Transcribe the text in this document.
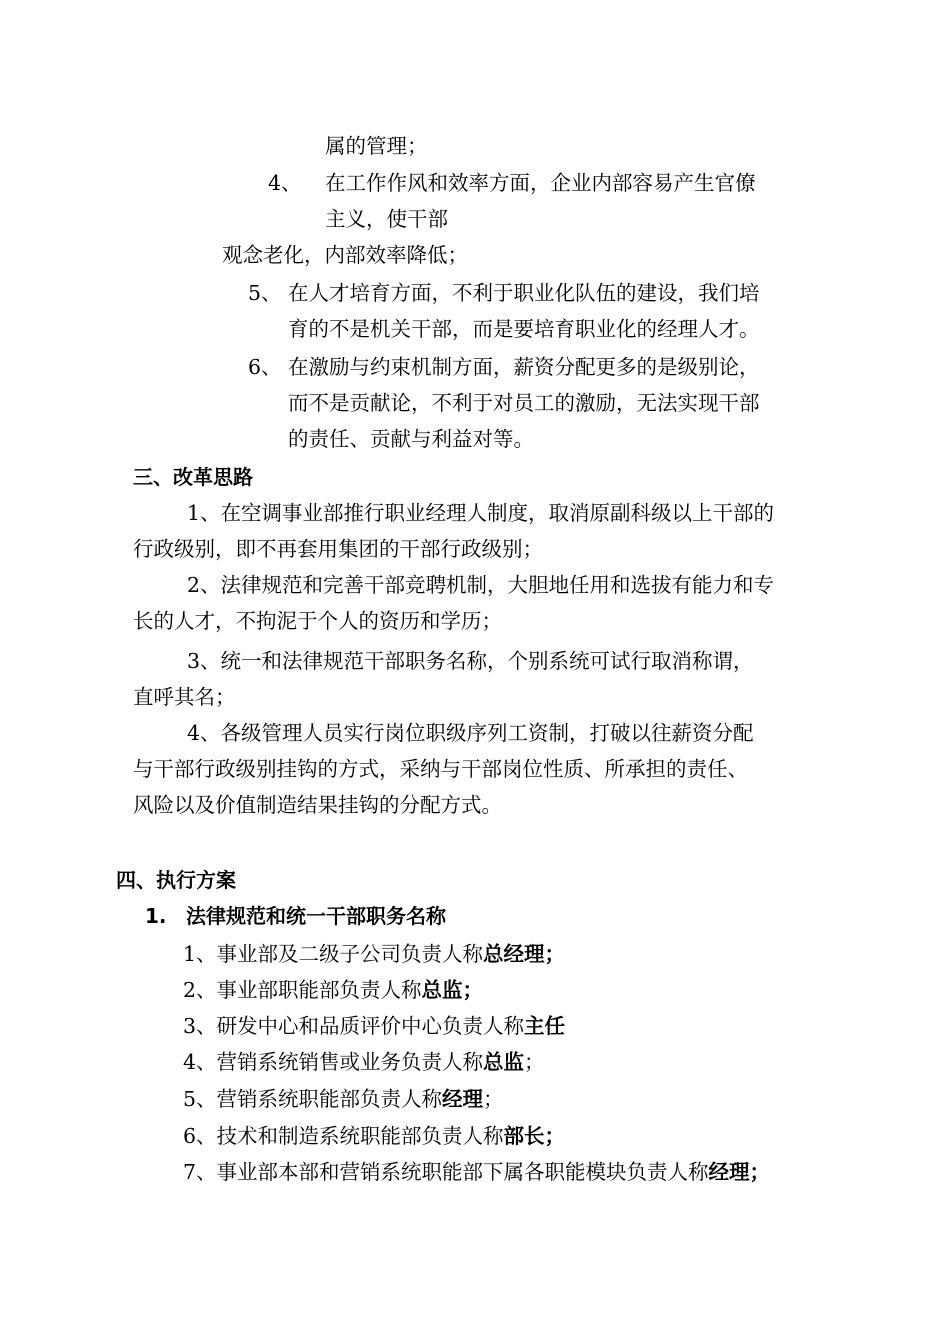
属的管理；
4、 在工作作风和效率方面，企业内部容易产生官僚
主义，使干部
观念老化，内部效率降低；
5、 在人才培育方面，不利于职业化队伍的建设，我们培
育的不是机关干部，而是要培育职业化的经理人才。
6、 在激励与约束机制方面，薪资分配更多的是级别论，
而不是贡献论，不利于对员工的激励，无法实现干部
的责任、贡献与利益对等。
三、改革思路
1、在空调事业部推行职业经理人制度，取消原副科级以上干部的
行政级别，即不再套用集团的干部行政级别；
2、法律规范和完善干部竞聘机制，大胆地任用和选拔有能力和专
长的人才，不拘泥于个人的资历和学历；
3、统一和法律规范干部职务名称，个别系统可试行取消称谓，
直呼其名；
4、各级管理人员实行岗位职级序列工资制，打破以往薪资分配
与干部行政级别挂钩的方式，采纳与干部岗位性质、所承担的责任、
风险以及价值制造结果挂钩的分配方式。
四、执行方案
1. 法律规范和统一干部职务名称
1、事业部及二级子公司负责人称总经理；
2、事业部职能部负责人称总监；
3、研发中心和品质评价中心负责人称主任
4、营销系统销售或业务负责人称总监；
5、营销系统职能部负责人称经理；
6、技术和制造系统职能部负责人称部长；
7、事业部本部和营销系统职能部下属各职能模块负责人称经理；
